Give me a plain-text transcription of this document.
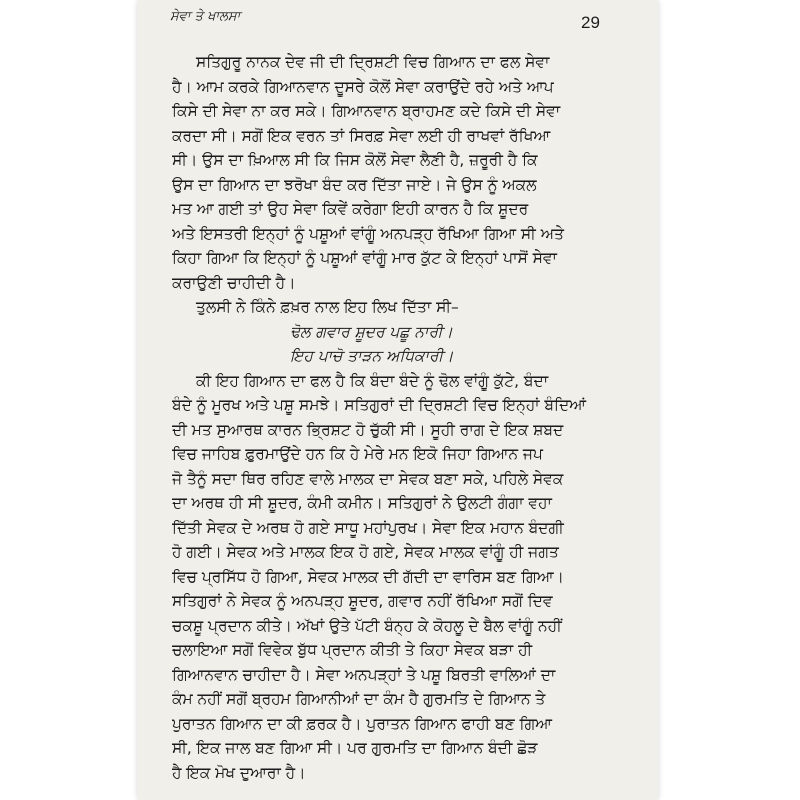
ਸੇਵਾ ਤੇ ਖਾਲਸਾ	29
ਸਤਿਗੁਰੂ ਨਾਨਕ ਦੇਵ ਜੀ ਦੀ ਦ੍ਰਿਸ਼ਟੀ ਵਿਚ ਗਿਆਨ ਦਾ ਫਲ ਸੇਵਾ
ਹੈ। ਆਮ ਕਰਕੇ ਗਿਆਨਵਾਨ ਦੂਸਰੇ ਕੋਲੋਂ ਸੇਵਾ ਕਰਾਉਂਦੇ ਰਹੇ ਅਤੇ ਆਪ
ਕਿਸੇ ਦੀ ਸੇਵਾ ਨਾ ਕਰ ਸਕੇ। ਗਿਆਨਵਾਨ ਬ੍ਰਾਹਮਣ ਕਦੇ ਕਿਸੇ ਦੀ ਸੇਵਾ
ਕਰਦਾ ਸੀ। ਸਗੋਂ ਇਕ ਵਰਨ ਤਾਂ ਸਿਰਫ਼ ਸੇਵਾ ਲਈ ਹੀ ਰਾਖਵਾਂ ਰੱਖਿਆ
ਸੀ। ਉਸ ਦਾ ਖ਼ਿਆਲ ਸੀ ਕਿ ਜਿਸ ਕੋਲੋਂ ਸੇਵਾ ਲੈਣੀ ਹੈ, ਜ਼ਰੂਰੀ ਹੈ ਕਿ
ਉਸ ਦਾ ਗਿਆਨ ਦਾ ਝਰੋਖਾ ਬੰਦ ਕਰ ਦਿੱਤਾ ਜਾਏ। ਜੇ ਉਸ ਨੂੰ ਅਕਲ
ਮਤ ਆ ਗਈ ਤਾਂ ਉਹ ਸੇਵਾ ਕਿਵੇਂ ਕਰੇਗਾ ਇਹੀ ਕਾਰਨ ਹੈ ਕਿ ਸ਼ੂਦਰ
ਅਤੇ ਇਸਤਰੀ ਇਨ੍ਹਾਂ ਨੂੰ ਪਸ਼ੂਆਂ ਵਾਂਗੂੰ ਅਨਪੜ੍ਹ ਰੱਖਿਆ ਗਿਆ ਸੀ ਅਤੇ
ਕਿਹਾ ਗਿਆ ਕਿ ਇਨ੍ਹਾਂ ਨੂੰ ਪਸ਼ੂਆਂ ਵਾਂਗੂੰ ਮਾਰ ਕੁੱਟ ਕੇ ਇਨ੍ਹਾਂ ਪਾਸੋਂ ਸੇਵਾ
ਕਰਾਉਣੀ ਚਾਹੀਦੀ ਹੈ।
ਤੁਲਸੀ ਨੇ ਕਿੰਨੇ ਫ਼ਖ਼ਰ ਨਾਲ ਇਹ ਲਿਖ ਦਿੱਤਾ ਸੀ–
ਢੋਲ ਗਵਾਰ ਸ਼ੂਦਰ ਪਛੂ ਨਾਰੀ।
ਇਹ ਪਾਚੋ ਤਾੜਨ ਅਧਿਕਾਰੀ।
ਕੀ ਇਹ ਗਿਆਨ ਦਾ ਫਲ ਹੈ ਕਿ ਬੰਦਾ ਬੰਦੇ ਨੂੰ ਢੋਲ ਵਾਂਗੂੰ ਕੁੱਟੇ, ਬੰਦਾ
ਬੰਦੇ ਨੂੰ ਮੂਰਖ ਅਤੇ ਪਸ਼ੂ ਸਮਝੇ। ਸਤਿਗੁਰਾਂ ਦੀ ਦ੍ਰਿਸ਼ਟੀ ਵਿਚ ਇਨ੍ਹਾਂ ਬੰਦਿਆਂ
ਦੀ ਮਤ ਸੁਆਰਥ ਕਾਰਨ ਭ੍ਰਿਸ਼ਟ ਹੋ ਚੁੱਕੀ ਸੀ। ਸੂਹੀ ਰਾਗ ਦੇ ਇਕ ਸ਼ਬਦ
ਵਿਚ ਜਾਹਿਬ ਫ਼ੁਰਮਾਉਂਦੇ ਹਨ ਕਿ ਹੇ ਮੇਰੇ ਮਨ ਇਕੋ ਜਿਹਾ ਗਿਆਨ ਜਪ
ਜੋ ਤੈਨੂੰ ਸਦਾ ਥਿਰ ਰਹਿਣ ਵਾਲੇ ਮਾਲਕ ਦਾ ਸੇਵਕ ਬਣਾ ਸਕੇ, ਪਹਿਲੇ ਸੇਵਕ
ਦਾ ਅਰਥ ਹੀ ਸੀ ਸ਼ੂਦਰ, ਕੰਮੀ ਕਮੀਨ। ਸਤਿਗੁਰਾਂ ਨੇ ਉਲਟੀ ਗੰਗਾ ਵਹਾ
ਦਿੱਤੀ ਸੇਵਕ ਦੇ ਅਰਥ ਹੋ ਗਏ ਸਾਧੂ ਮਹਾਂਪੁਰਖ। ਸੇਵਾ ਇਕ ਮਹਾਨ ਬੰਦਗੀ
ਹੋ ਗਈ। ਸੇਵਕ ਅਤੇ ਮਾਲਕ ਇਕ ਹੋ ਗਏ, ਸੇਵਕ ਮਾਲਕ ਵਾਂਗੂੰ ਹੀ ਜਗਤ
ਵਿਚ ਪ੍ਰਸਿੱਧ ਹੋ ਗਿਆ, ਸੇਵਕ ਮਾਲਕ ਦੀ ਗੱਦੀ ਦਾ ਵਾਰਿਸ ਬਣ ਗਿਆ।
ਸਤਿਗੁਰਾਂ ਨੇ ਸੇਵਕ ਨੂੰ ਅਨਪੜ੍ਹ ਸ਼ੂਦਰ, ਗਵਾਰ ਨਹੀਂ ਰੱਖਿਆ ਸਗੋਂ ਦਿਵ
ਚਕਸ਼ੂ ਪ੍ਰਦਾਨ ਕੀਤੇ। ਅੱਖਾਂ ਉਤੇ ਪੱਟੀ ਬੰਨ੍ਹ ਕੇ ਕੋਹਲੂ ਦੇ ਬੈਲ ਵਾਂਗੂੰ ਨਹੀਂ
ਚਲਾਇਆ ਸਗੋਂ ਵਿਵੇਕ ਬੁੱਧ ਪ੍ਰਦਾਨ ਕੀਤੀ ਤੇ ਕਿਹਾ ਸੇਵਕ ਬੜਾ ਹੀ
ਗਿਆਨਵਾਨ ਚਾਹੀਦਾ ਹੈ। ਸੇਵਾ ਅਨਪੜ੍ਹਾਂ ਤੇ ਪਸ਼ੂ ਬਿਰਤੀ ਵਾਲਿਆਂ ਦਾ
ਕੰਮ ਨਹੀਂ ਸਗੋਂ ਬ੍ਰਹਮ ਗਿਆਨੀਆਂ ਦਾ ਕੰਮ ਹੈ ਗੁਰਮਤਿ ਦੇ ਗਿਆਨ ਤੇ
ਪੁਰਾਤਨ ਗਿਆਨ ਦਾ ਕੀ ਫ਼ਰਕ ਹੈ। ਪੁਰਾਤਨ ਗਿਆਨ ਫਾਹੀ ਬਣ ਗਿਆ
ਸੀ, ਇਕ ਜਾਲ ਬਣ ਗਿਆ ਸੀ। ਪਰ ਗੁਰਮਤਿ ਦਾ ਗਿਆਨ ਬੰਦੀ ਛੋੜ
ਹੈ ਇਕ ਮੋਖ ਦੁਆਰਾ ਹੈ।
